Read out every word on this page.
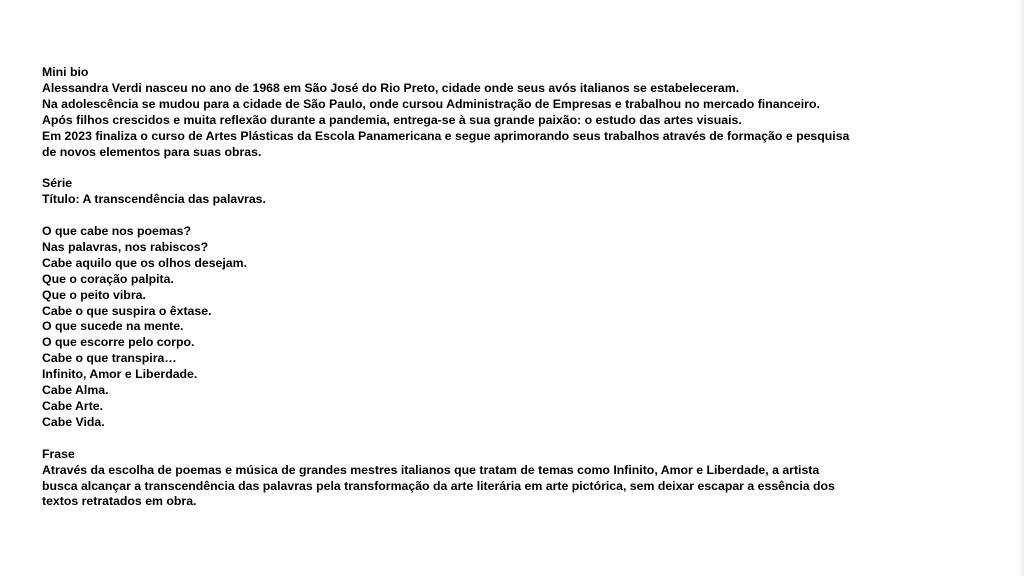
Mini bio
Alessandra Verdi nasceu no ano de 1968 em São José do Rio Preto, cidade onde seus avós italianos se estabeleceram.
Na adolescência se mudou para a cidade de São Paulo, onde cursou Administração de Empresas e trabalhou no mercado financeiro.
Após filhos crescidos e muita reflexão durante a pandemia, entrega-se à sua grande paixão: o estudo das artes visuais.
Em 2023 finaliza o curso de Artes Plásticas da Escola Panamericana e segue aprimorando seus trabalhos através de formação e pesquisa
de novos elementos para suas obras.
Série
Título: A transcendência das palavras.
O que cabe nos poemas?
Nas palavras, nos rabiscos?
Cabe aquilo que os olhos desejam.
Que o coração palpita.
Que o peito vibra.
Cabe o que suspira o êxtase.
O que sucede na mente.
O que escorre pelo corpo.
Cabe o que transpira…
Infinito, Amor e Liberdade.
Cabe Alma.
Cabe Arte.
Cabe Vida.
Frase
Através da escolha de poemas e música de grandes mestres italianos que tratam de temas como Infinito, Amor e Liberdade, a artista
busca alcançar a transcendência das palavras pela transformação da arte literária em arte pictórica, sem deixar escapar a essência dos
textos retratados em obra.
